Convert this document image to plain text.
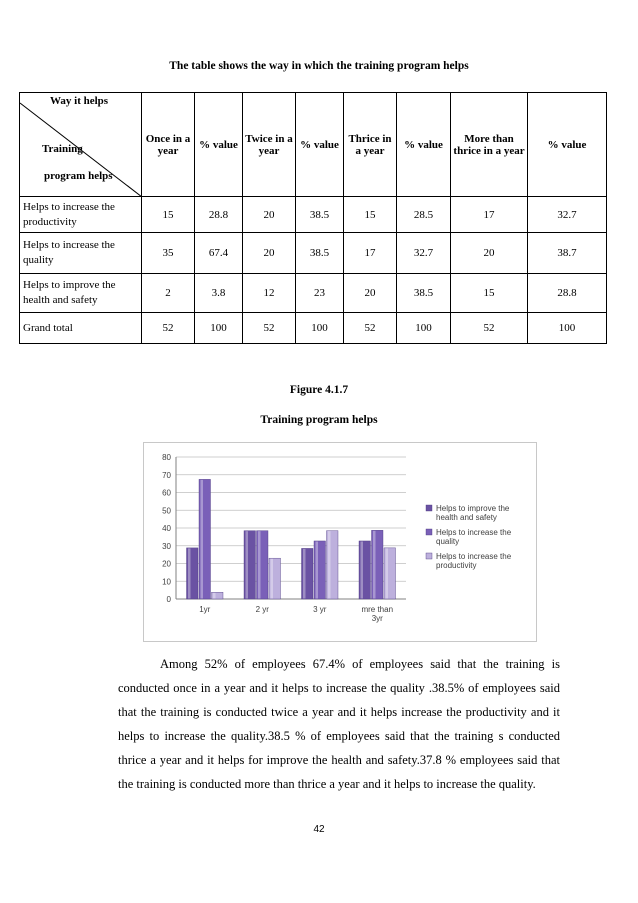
The table shows the way in which the training program helps
Way it helps
Training
program helps	Once in a year	% value	Twice in a year	% value	Thrice in a year	% value	More than thrice in a year	% value
Helps to increase the productivity	15	28.8	20	38.5	15	28.5	17	32.7
Helps to increase the quality	35	67.4	20	38.5	17	32.7	20	38.7
Helps to improve the health and safety	2	3.8	12	23	20	38.5	15	28.8
Grand total	52	100	52	100	52	100	52	100
Figure 4.1.7
Training program helps
80
70
60
50
40
30
20
10
0
1yr	2 yr	3 yr	mre than
3yr
Helps to improve the
health and safety
Helps to increase the
quality
Helps to increase the
productivity
Among 52% of employees 67.4% of employees said that the training is conducted once in a year and it helps to increase the quality .38.5% of employees said that the training is conducted twice a year and it helps increase the productivity and it helps to increase the quality.38.5 % of employees said that the training s conducted thrice a year and it helps for improve the health and safety.37.8 % employees said that the training is conducted more than thrice a year and it helps to increase the quality.
42
